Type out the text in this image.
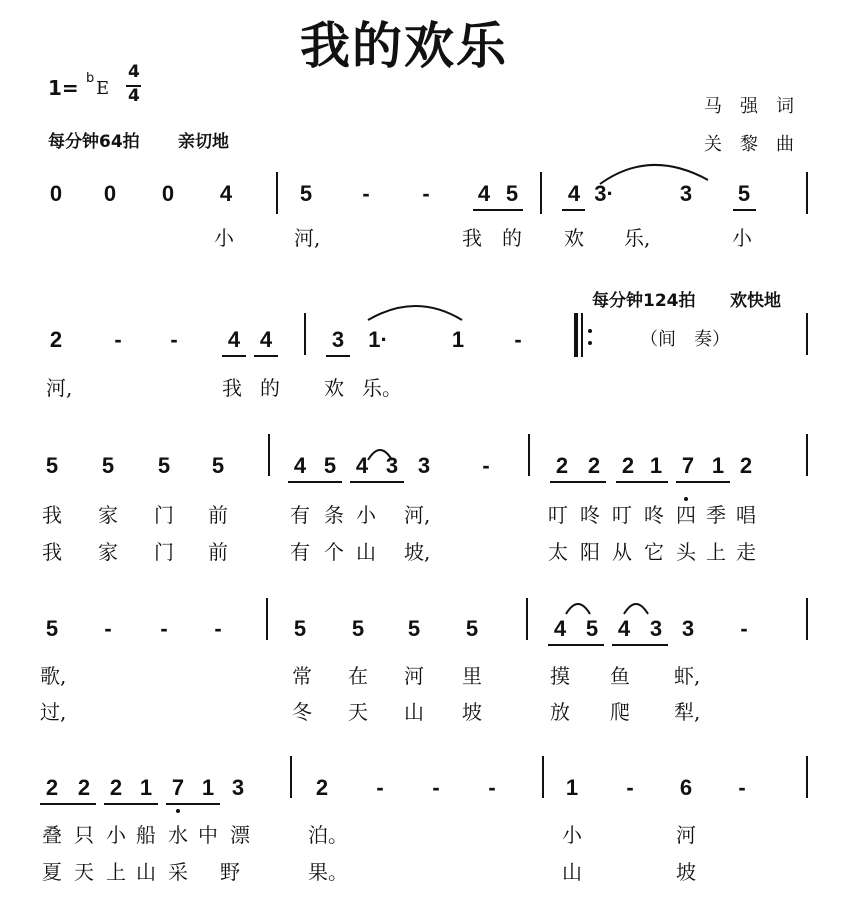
我的欢乐
1= b E
4
4
每分钟64拍 亲切地
马强词
关黎曲
每分钟124拍 欢快地
（间　奏）
0 0 0 4	5	-	-	4 5 4 3·	3 5
小	河,	我 的 欢 乐,	小
2	-	-	4 4	3 1·	1	-
河,	我 的 欢 乐。
5 5 5 5	4 5 4 3 3	-	2 2 2 1 7 1 2
我 家 门 前	有 条 小 河,	叮 咚 叮 咚 四 季 唱
我 家 门 前	有 个 山 坡,	太 阳 从 它 头 上 走
5	-	-	-	5 5 5 5	4 5 4 3 3	-
歌,	常 在 河 里	摸 鱼 虾,
过,	冬 天 山 坡	放 爬 犁,
2 2 2 1 7 1 3	2	-	-	-	1	-	6	-
叠 只 小 船 水 中 漂	泊。	小	河
夏 天 上 山 采 野	果。	山	坡
